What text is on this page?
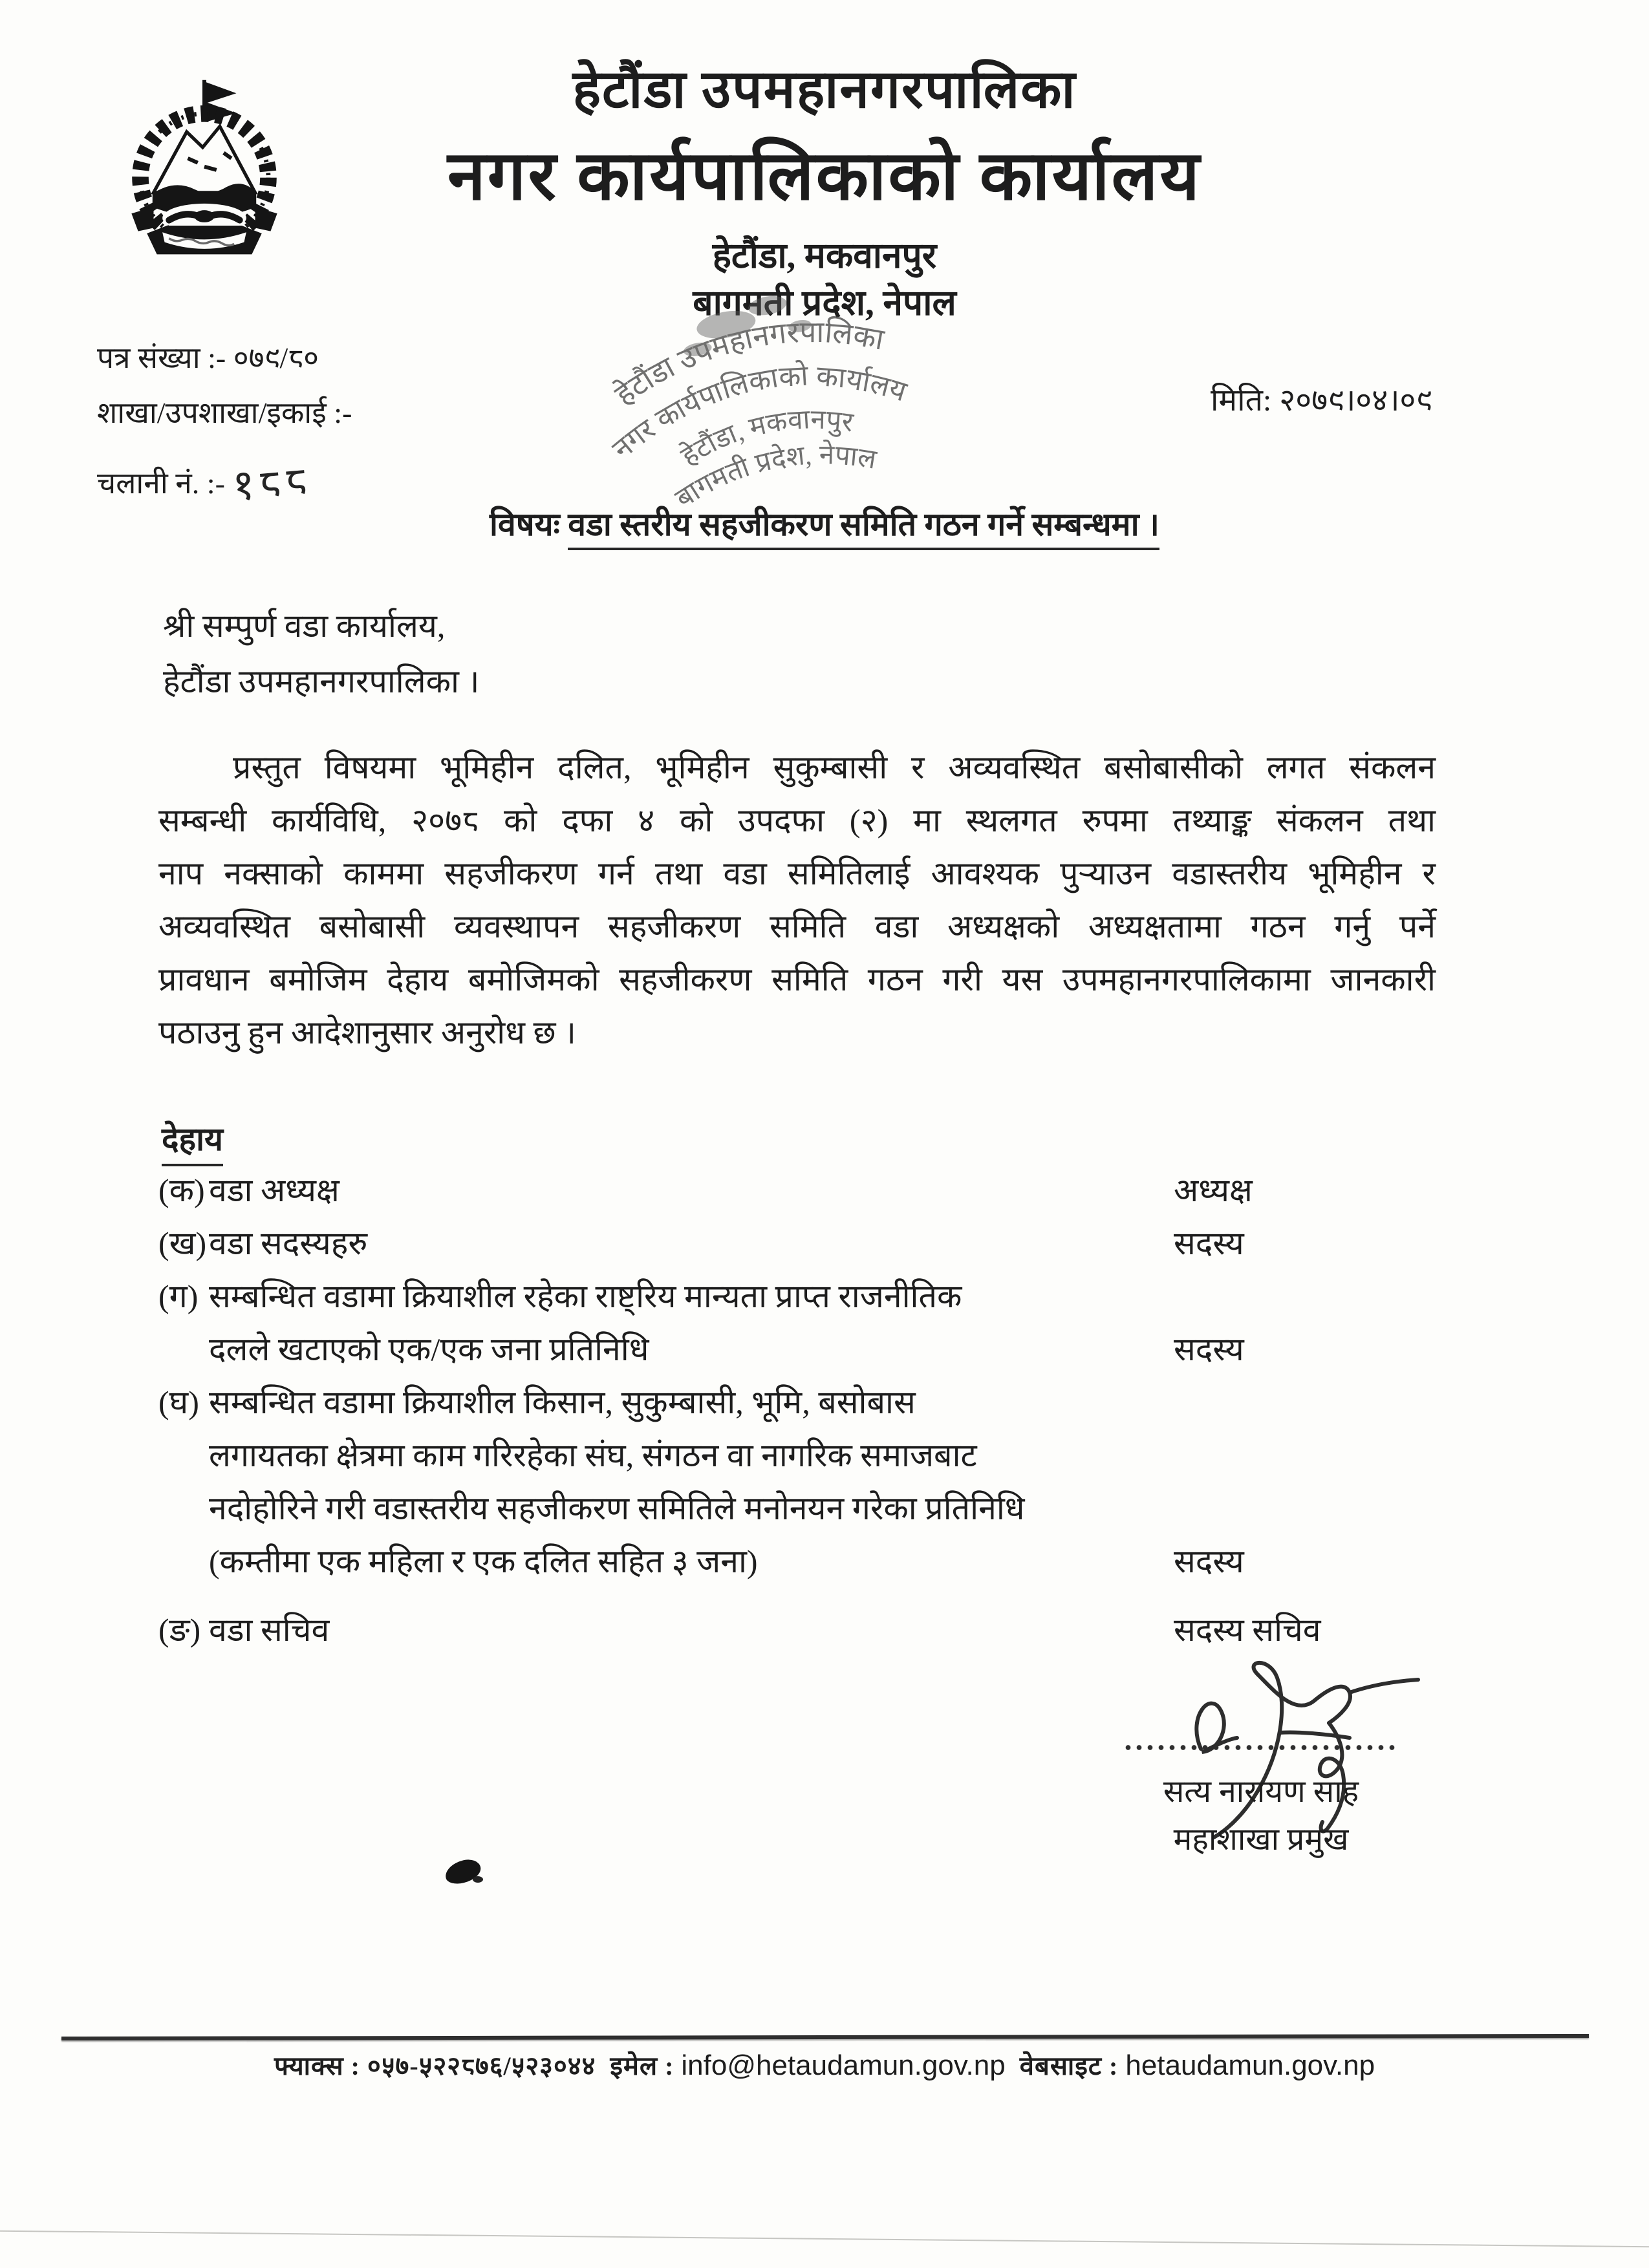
हेटौंडा उपमहानगरपालिका
नगर कार्यपालिकाको कार्यालय
हेटौंडा, मकवानपुर
बागमती प्रदेश, नेपाल
हेटौंडा उपमहानगरपालिका
नगर कार्यपालिकाको कार्यालय
हेटौंडा, मकवानपुर
बागमती प्रदेश, नेपाल
पत्र संख्या :- ०७९/८०
शाखा/उपशाखा/इकाई :-
चलानी नं. :- १८८
मिति: २०७९।०४।०९
विषयः वडा स्तरीय सहजीकरण समिति गठन गर्ने सम्बन्धमा ।
श्री सम्पुर्ण वडा कार्यालय,
हेटौंडा उपमहानगरपालिका ।
प्रस्तुत विषयमा भूमिहीन दलित, भूमिहीन सुकुम्बासी र अव्यवस्थित बसोबासीको लगत संकलन
सम्बन्धी कार्यविधि, २०७८ को दफा ४ को उपदफा (२) मा स्थलगत रुपमा तथ्याङ्क संकलन तथा
नाप नक्साको काममा सहजीकरण गर्न तथा वडा समितिलाई आवश्यक पुऱ्याउन वडास्तरीय भूमिहीन र
अव्यवस्थित बसोबासी व्यवस्थापन सहजीकरण समिति वडा अध्यक्षको अध्यक्षतामा गठन गर्नु पर्ने
प्रावधान बमोजिम देहाय बमोजिमको सहजीकरण समिति गठन गरी यस उपमहानगरपालिकामा जानकारी
पठाउनु हुन आदेशानुसार अनुरोध छ ।
देहाय
(क) वडा अध्यक्ष	अध्यक्ष
(ख)वडा सदस्यहरु	सदस्य
(ग) सम्बन्धित वडामा क्रियाशील रहेका राष्ट्रिय मान्यता प्राप्त राजनीतिक
दलले खटाएको एक/एक जना प्रतिनिधि	सदस्य
(घ) सम्बन्धित वडामा क्रियाशील किसान, सुकुम्बासी, भूमि, बसोबास
लगायतका क्षेत्रमा काम गरिरहेका संघ, संगठन वा नागरिक समाजबाट
नदोहोरिने गरी वडास्तरीय सहजीकरण समितिले मनोनयन गरेका प्रतिनिधि
(कम्तीमा एक महिला र एक दलित सहित ३ जना)	सदस्य
(ङ) वडा सचिव	सदस्य सचिव
सत्य नारायण साह
महाशाखा प्रमुख
फ्याक्स : ०५७-५२२८७६/५२३०४४ इमेल : info@hetaudamun.gov.np वेबसाइट : hetaudamun.gov.np
